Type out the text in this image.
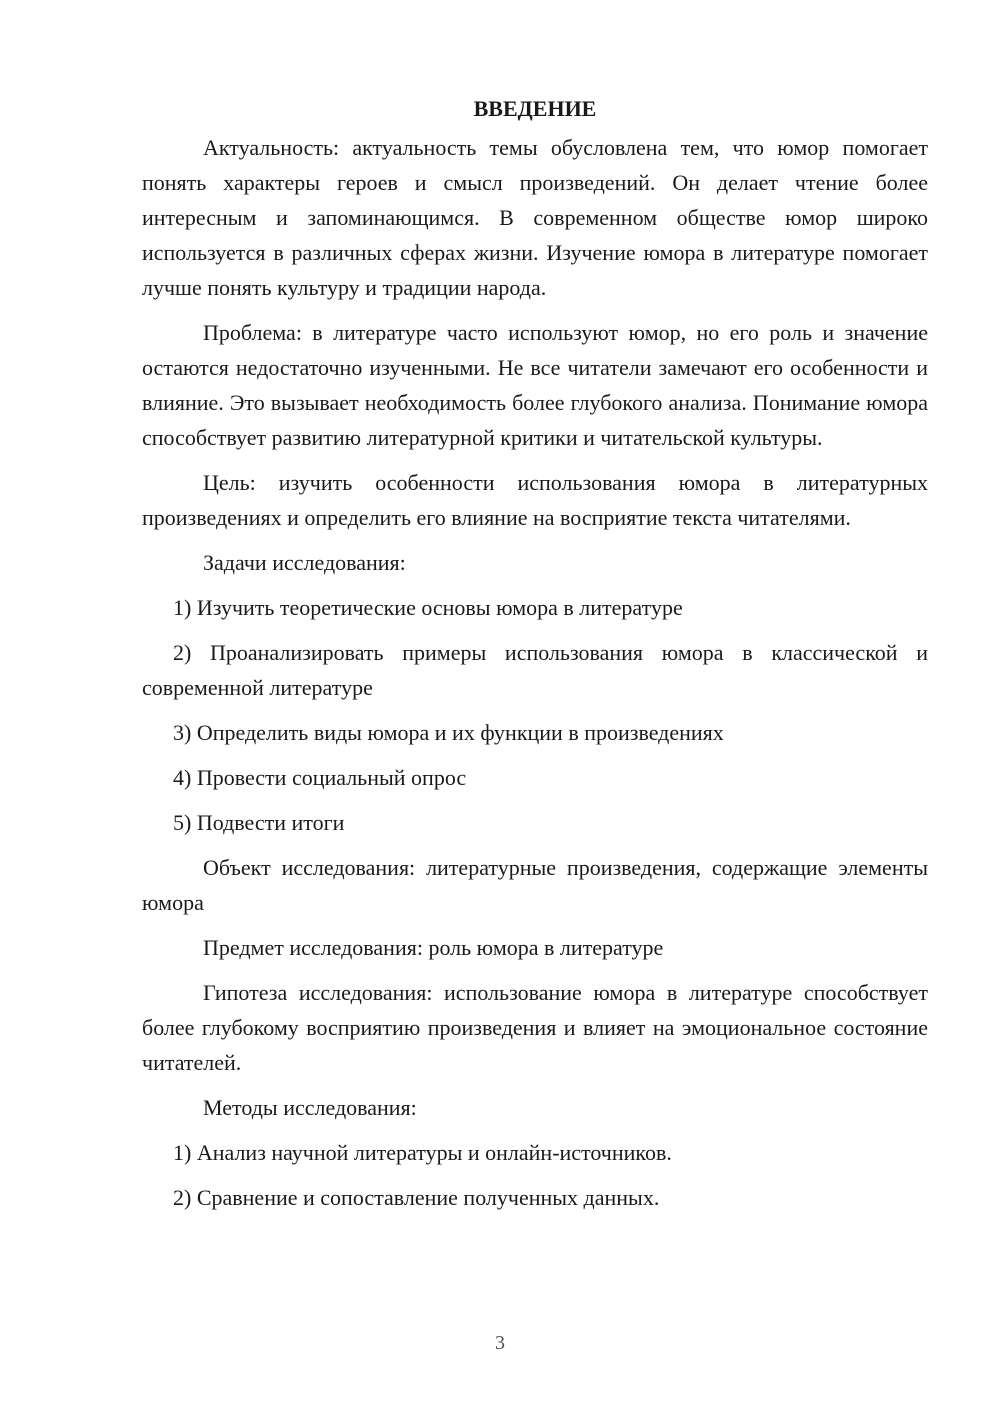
ВВЕДЕНИЕ

Актуальность: актуальность темы обусловлена тем, что юмор помогает понять характеры героев и смысл произведений. Он делает чтение более интересным и запоминающимся. В современном обществе юмор широко используется в различных сферах жизни. Изучение юмора в литературе помогает лучше понять культуру и традиции народа.

Проблема: в литературе часто используют юмор, но его роль и значение остаются недостаточно изученными. Не все читатели замечают его особенности и влияние. Это вызывает необходимость более глубокого анализа. Понимание юмора способствует развитию литературной критики и читательской культуры.

Цель: изучить особенности использования юмора в литературных произведениях и определить его влияние на восприятие текста читателями.

Задачи исследования:

1) Изучить теоретические основы юмора в литературе

2) Проанализировать примеры использования юмора в классической и современной литературе

3) Определить виды юмора и их функции в произведениях

4) Провести социальный опрос

5) Подвести итоги

Объект исследования: литературные произведения, содержащие элементы юмора

Предмет исследования: роль юмора в литературе

Гипотеза исследования: использование юмора в литературе способствует более глубокому восприятию произведения и влияет на эмоциональное состояние читателей.

Методы исследования:

1) Анализ научной литературы и онлайн-источников.

2) Сравнение и сопоставление полученных данных.

3
